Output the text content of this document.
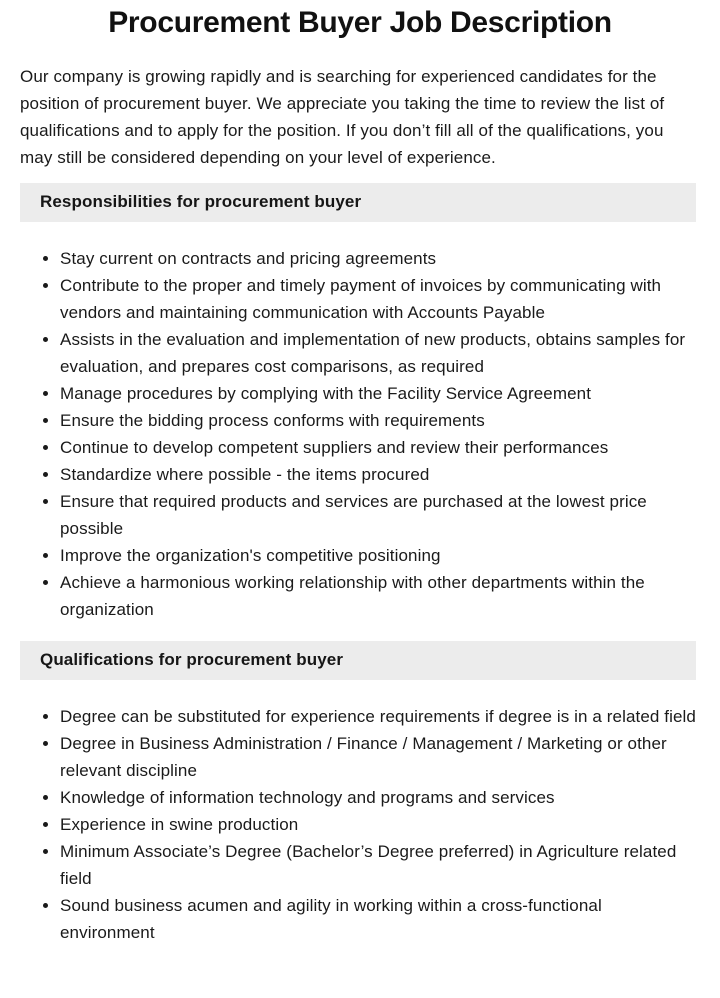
Procurement Buyer Job Description

Our company is growing rapidly and is searching for experienced candidates for the position of procurement buyer. We appreciate you taking the time to review the list of qualifications and to apply for the position. If you don’t fill all of the qualifications, you may still be considered depending on your level of experience.

Responsibilities for procurement buyer
Stay current on contracts and pricing agreements
Contribute to the proper and timely payment of invoices by communicating with vendors and maintaining communication with Accounts Payable
Assists in the evaluation and implementation of new products, obtains samples for evaluation, and prepares cost comparisons, as required
Manage procedures by complying with the Facility Service Agreement
Ensure the bidding process conforms with requirements
Continue to develop competent suppliers and review their performances
Standardize where possible - the items procured
Ensure that required products and services are purchased at the lowest price possible
Improve the organization's competitive positioning
Achieve a harmonious working relationship with other departments within the organization
Qualifications for procurement buyer
Degree can be substituted for experience requirements if degree is in a related field
Degree in Business Administration / Finance / Management / Marketing or other relevant discipline
Knowledge of information technology and programs and services
Experience in swine production
Minimum Associate’s Degree (Bachelor’s Degree preferred) in Agriculture related field
Sound business acumen and agility in working within a cross-functional environment
